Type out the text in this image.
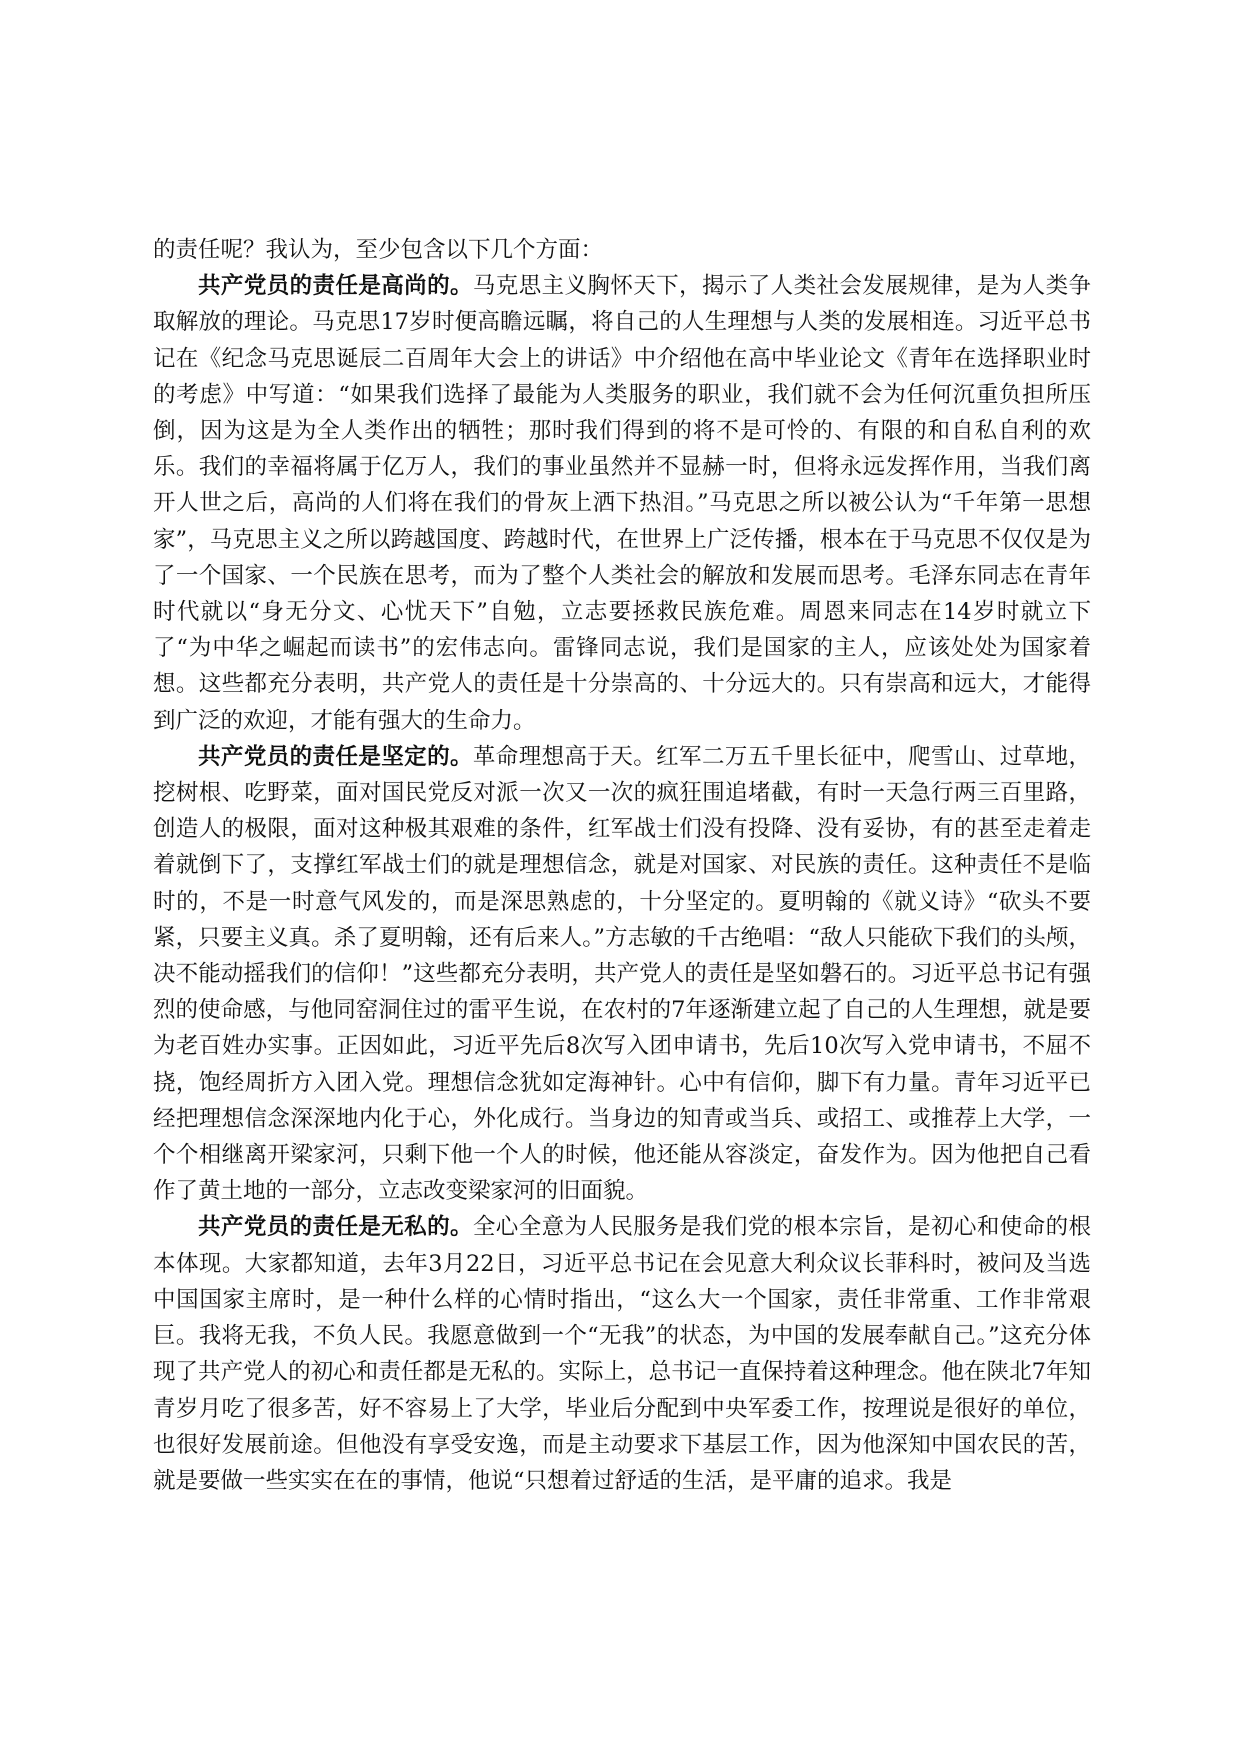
的责任呢？我认为，至少包含以下几个方面：

共产党员的责任是高尚的。马克思主义胸怀天下，揭示了人类社会发展规律，是为人类争取解放的理论。马克思17岁时便高瞻远瞩，将自己的人生理想与人类的发展相连。习近平总书记在《纪念马克思诞辰二百周年大会上的讲话》中介绍他在高中毕业论文《青年在选择职业时的考虑》中写道：“如果我们选择了最能为人类服务的职业，我们就不会为任何沉重负担所压倒，因为这是为全人类作出的牺牲；那时我们得到的将不是可怜的、有限的和自私自利的欢乐。我们的幸福将属于亿万人，我们的事业虽然并不显赫一时，但将永远发挥作用，当我们离开人世之后，高尚的人们将在我们的骨灰上洒下热泪。”马克思之所以被公认为“千年第一思想家”，马克思主义之所以跨越国度、跨越时代，在世界上广泛传播，根本在于马克思不仅仅是为了一个国家、一个民族在思考，而为了整个人类社会的解放和发展而思考。毛泽东同志在青年时代就以“身无分文、心忧天下”自勉，立志要拯救民族危难。周恩来同志在14岁时就立下了“为中华之崛起而读书”的宏伟志向。雷锋同志说，我们是国家的主人，应该处处为国家着想。这些都充分表明，共产党人的责任是十分崇高的、十分远大的。只有崇高和远大，才能得到广泛的欢迎，才能有强大的生命力。

共产党员的责任是坚定的。革命理想高于天。红军二万五千里长征中，爬雪山、过草地，挖树根、吃野菜，面对国民党反对派一次又一次的疯狂围追堵截，有时一天急行两三百里路，创造人的极限，面对这种极其艰难的条件，红军战士们没有投降、没有妥协，有的甚至走着走着就倒下了，支撑红军战士们的就是理想信念，就是对国家、对民族的责任。这种责任不是临时的，不是一时意气风发的，而是深思熟虑的，十分坚定的。夏明翰的《就义诗》“砍头不要紧，只要主义真。杀了夏明翰，还有后来人。”方志敏的千古绝唱：“敌人只能砍下我们的头颅，决不能动摇我们的信仰！”这些都充分表明，共产党人的责任是坚如磐石的。习近平总书记有强烈的使命感，与他同窑洞住过的雷平生说，在农村的7年逐渐建立起了自己的人生理想，就是要为老百姓办实事。正因如此，习近平先后8次写入团申请书，先后10次写入党申请书，不屈不挠，饱经周折方入团入党。理想信念犹如定海神针。心中有信仰，脚下有力量。青年习近平已经把理想信念深深地内化于心，外化成行。当身边的知青或当兵、或招工、或推荐上大学，一个个相继离开梁家河，只剩下他一个人的时候，他还能从容淡定，奋发作为。因为他把自己看作了黄土地的一部分，立志改变梁家河的旧面貌。

共产党员的责任是无私的。全心全意为人民服务是我们党的根本宗旨，是初心和使命的根本体现。大家都知道，去年3月22日，习近平总书记在会见意大利众议长菲科时，被问及当选中国国家主席时，是一种什么样的心情时指出，“这么大一个国家，责任非常重、工作非常艰巨。我将无我，不负人民。我愿意做到一个“无我”的状态，为中国的发展奉献自己。”这充分体现了共产党人的初心和责任都是无私的。实际上，总书记一直保持着这种理念。他在陕北7年知青岁月吃了很多苦，好不容易上了大学，毕业后分配到中央军委工作，按理说是很好的单位，也很好发展前途。但他没有享受安逸，而是主动要求下基层工作，因为他深知中国农民的苦，就是要做一些实实在在的事情，他说“只想着过舒适的生活，是平庸的追求。我是
